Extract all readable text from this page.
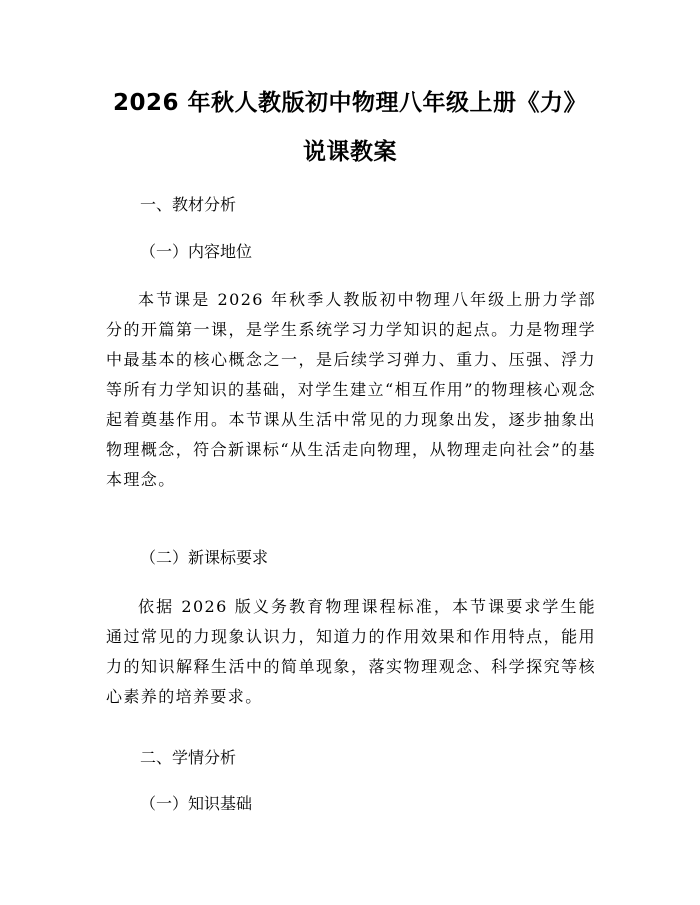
2026 年秋人教版初中物理八年级上册《力》
说课教案
一、教材分析
（一）内容地位

本节课是 2026 年秋季人教版初中物理八年级上册力学部分的开篇第一课，是学生系统学习力学知识的起点。力是物理学中最基本的核心概念之一，是后续学习弹力、重力、压强、浮力等所有力学知识的基础，对学生建立“相互作用”的物理核心观念起着奠基作用。本节课从生活中常见的力现象出发，逐步抽象出物理概念，符合新课标“从生活走向物理，从物理走向社会”的基本理念。

（二）新课标要求

依据 2026 版义务教育物理课程标准，本节课要求学生能通过常见的力现象认识力，知道力的作用效果和作用特点，能用力的知识解释生活中的简单现象，落实物理观念、科学探究等核心素养的培养要求。

二、学情分析
（一）知识基础
